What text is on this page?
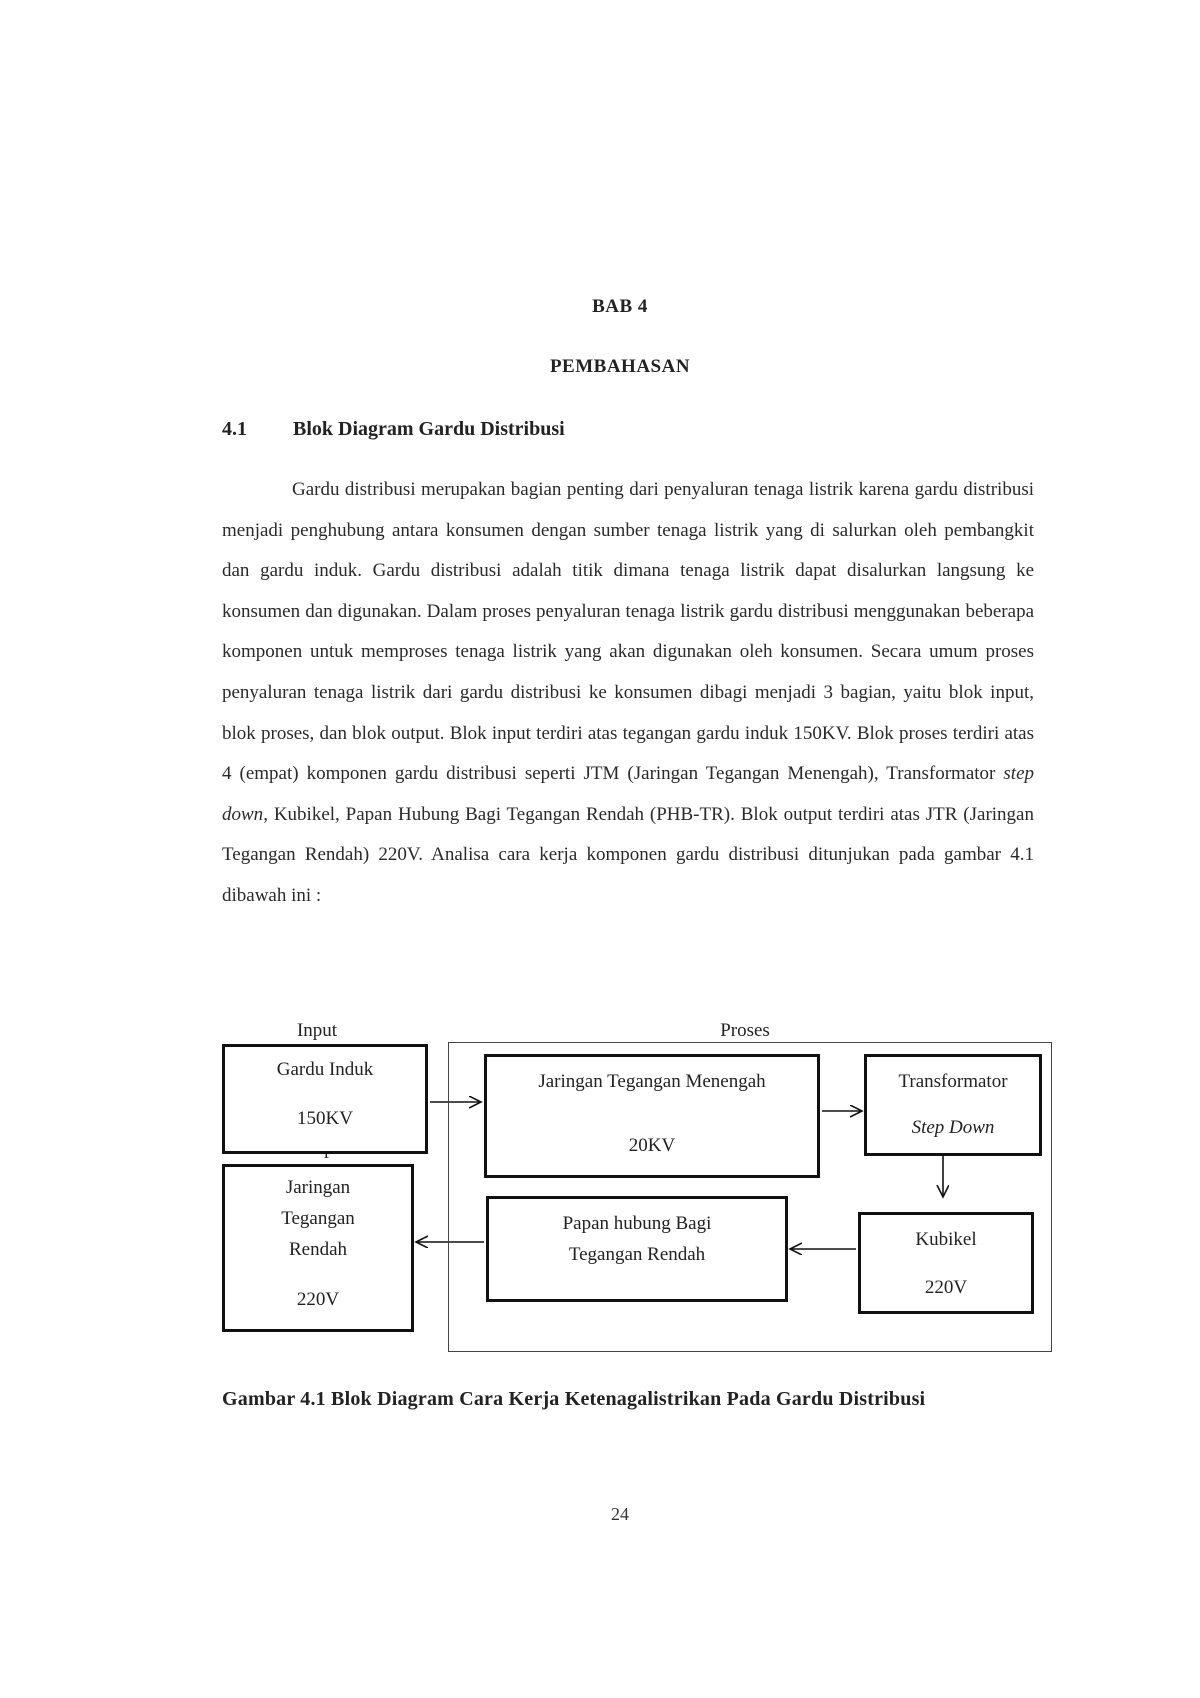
BAB 4
PEMBAHASAN
4.1 Blok Diagram Gardu Distribusi

Gardu distribusi merupakan bagian penting dari penyaluran tenaga listrik karena gardu distribusi menjadi penghubung antara konsumen dengan sumber tenaga listrik yang di salurkan oleh pembangkit dan gardu induk. Gardu distribusi adalah titik dimana tenaga listrik dapat disalurkan langsung ke konsumen dan digunakan. Dalam proses penyaluran tenaga listrik gardu distribusi menggunakan beberapa komponen untuk memproses tenaga listrik yang akan digunakan oleh konsumen. Secara umum proses penyaluran tenaga listrik dari gardu distribusi ke konsumen dibagi menjadi 3 bagian, yaitu blok input, blok proses, dan blok output. Blok input terdiri atas tegangan gardu induk 150KV. Blok proses terdiri atas 4 (empat) komponen gardu distribusi seperti JTM (Jaringan Tegangan Menengah), Transformator step down, Kubikel, Papan Hubung Bagi Tegangan Rendah (PHB-TR). Blok output terdiri atas JTR (Jaringan Tegangan Rendah) 220V. Analisa cara kerja komponen gardu distribusi ditunjukan pada gambar 4.1 dibawah ini :

Input	Proses
Gardu Induk
150KV
Jaringan Tegangan Menengah
20KV
Transformator
Step Down
Jaringan
Tegangan
Rendah
220V
Papan hubung Bagi
Tegangan Rendah
Kubikel
220V
Gambar 4.1 Blok Diagram Cara Kerja Ketenagalistrikan Pada Gardu Distribusi
24
